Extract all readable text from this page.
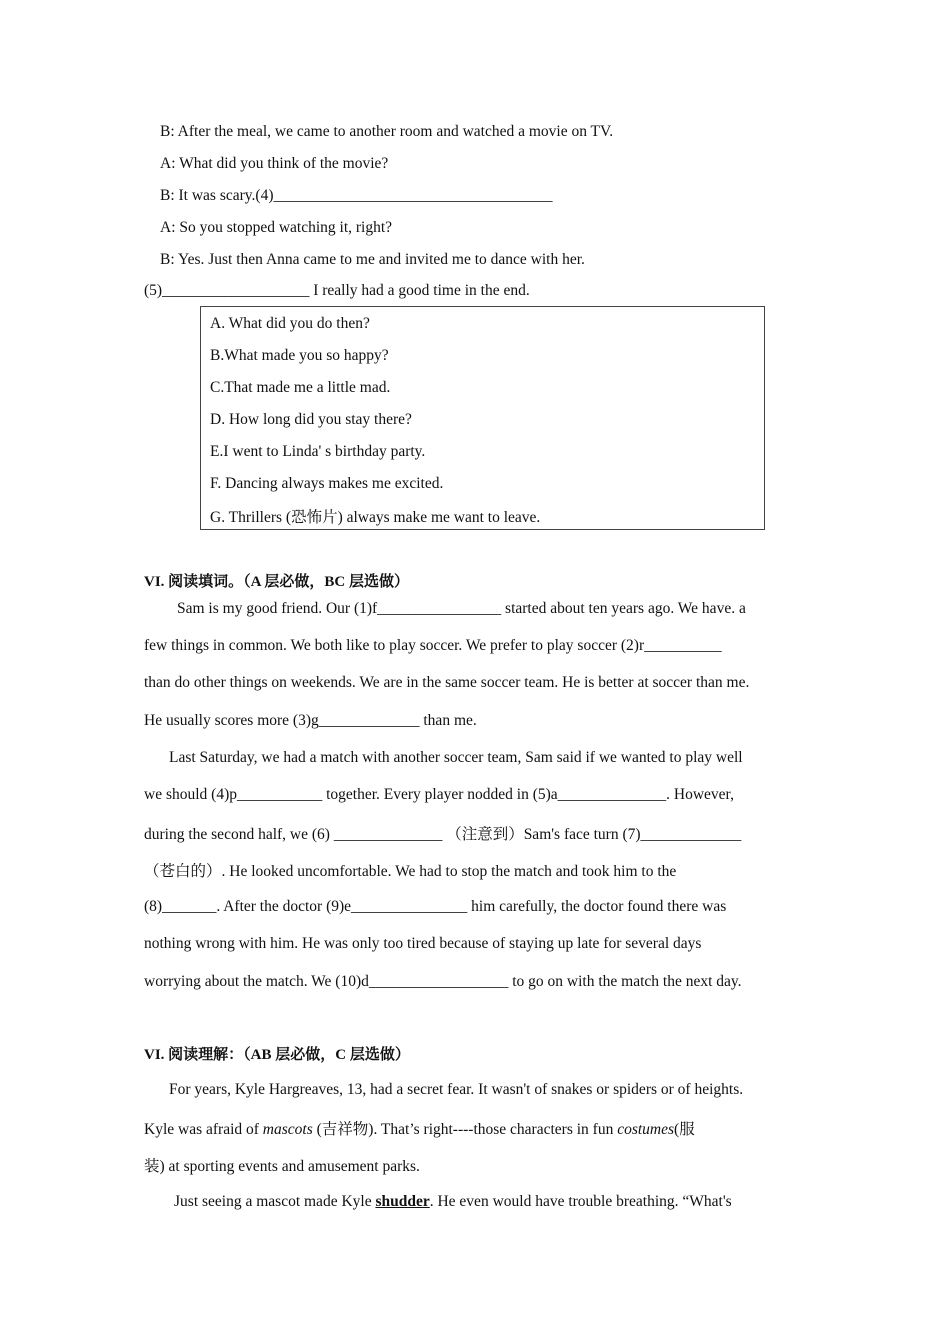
B: After the meal, we came to another room and watched a movie on TV.
A: What did you think of the movie?
B: It was scary.(4)____________________________________
A: So you stopped watching it, right?
B: Yes. Just then Anna came to me and invited me to dance with her.
(5)___________________ I really had a good time in the end.
A. What did you do then?
B.What made you so happy?
C.That made me a little mad.
D. How long did you stay there?
E.I went to Linda' s birthday party.
F. Dancing always makes me excited.
G. Thrillers (恐怖片) always make me want to leave.
VI. 阅读填词。（A 层必做，BC 层选做）
Sam is my good friend. Our (1)f________________ started about ten years ago. We have. a
few things in common. We both like to play soccer. We prefer to play soccer (2)r__________
than do other things on weekends. We are in the same soccer team. He is better at soccer than me.
He usually scores more (3)g_____________ than me.
Last Saturday, we had a match with another soccer team, Sam said if we wanted to play well
we should (4)p___________ together. Every player nodded in (5)a______________. However,
during the second half, we (6) ______________ （注意到）Sam's face turn (7)_____________
（苍白的）. He looked uncomfortable. We had to stop the match and took him to the
(8)_______. After the doctor (9)e_______________ him carefully, the doctor found there was
nothing wrong with him. He was only too tired because of staying up late for several days
worrying about the match. We (10)d__________________ to go on with the match the next day.
VI. 阅读理解：（AB 层必做，C 层选做）
For years, Kyle Hargreaves, 13, had a secret fear. It wasn't of snakes or spiders or of heights.
Kyle was afraid of mascots (吉祥物). That’s right----those characters in fun costumes(服
装) at sporting events and amusement parks.
Just seeing a mascot made Kyle shudder. He even would have trouble breathing. “What's
